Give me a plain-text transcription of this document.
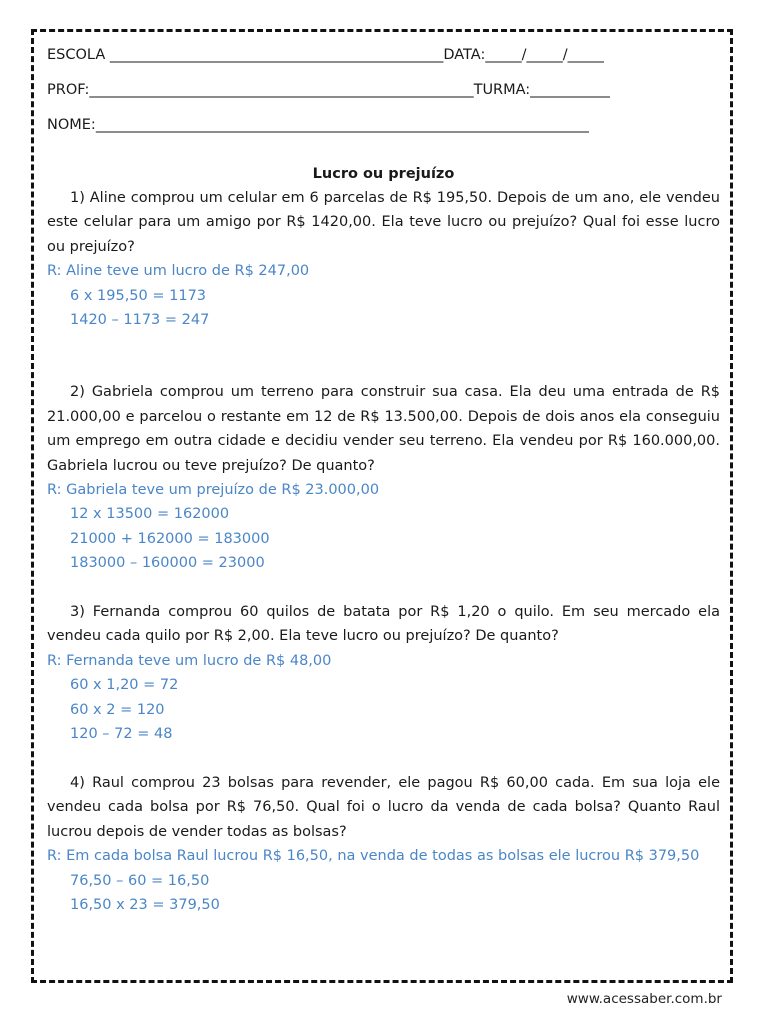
ESCOLA ______________________________________________DATA:_____/_____/_____
PROF:_____________________________________________________TURMA:___________
NOME:____________________________________________________________________
Lucro ou prejuízo

1) Aline comprou um celular em 6 parcelas de R$ 195,50. Depois de um ano, ele vendeu este celular para um amigo por R$ 1420,00. Ela teve lucro ou prejuízo? Qual foi esse lucro ou prejuízo?

R: Aline teve um lucro de R$ 247,00
6 x 195,50 = 1173
1420 – 1173 = 247

2) Gabriela comprou um terreno para construir sua casa. Ela deu uma entrada de R$ 21.000,00 e parcelou o restante em 12 de R$ 13.500,00. Depois de dois anos ela conseguiu um emprego em outra cidade e decidiu vender seu terreno. Ela vendeu por R$ 160.000,00. Gabriela lucrou ou teve prejuízo? De quanto?

R: Gabriela teve um prejuízo de R$ 23.000,00
12 x 13500 = 162000
21000 + 162000 = 183000
183000 – 160000 = 23000

3) Fernanda comprou 60 quilos de batata por R$ 1,20 o quilo. Em seu mercado ela vendeu cada quilo por R$ 2,00. Ela teve lucro ou prejuízo? De quanto?

R: Fernanda teve um lucro de R$ 48,00
60 x 1,20 = 72
60 x 2 = 120
120 – 72 = 48

4) Raul comprou 23 bolsas para revender, ele pagou R$ 60,00 cada. Em sua loja ele vendeu cada bolsa por R$ 76,50. Qual foi o lucro da venda de cada bolsa? Quanto Raul lucrou depois de vender todas as bolsas?

R: Em cada bolsa Raul lucrou R$ 16,50, na venda de todas as bolsas ele lucrou R$ 379,50
76,50 – 60 = 16,50
16,50 x 23 = 379,50
www.acessaber.com.br
